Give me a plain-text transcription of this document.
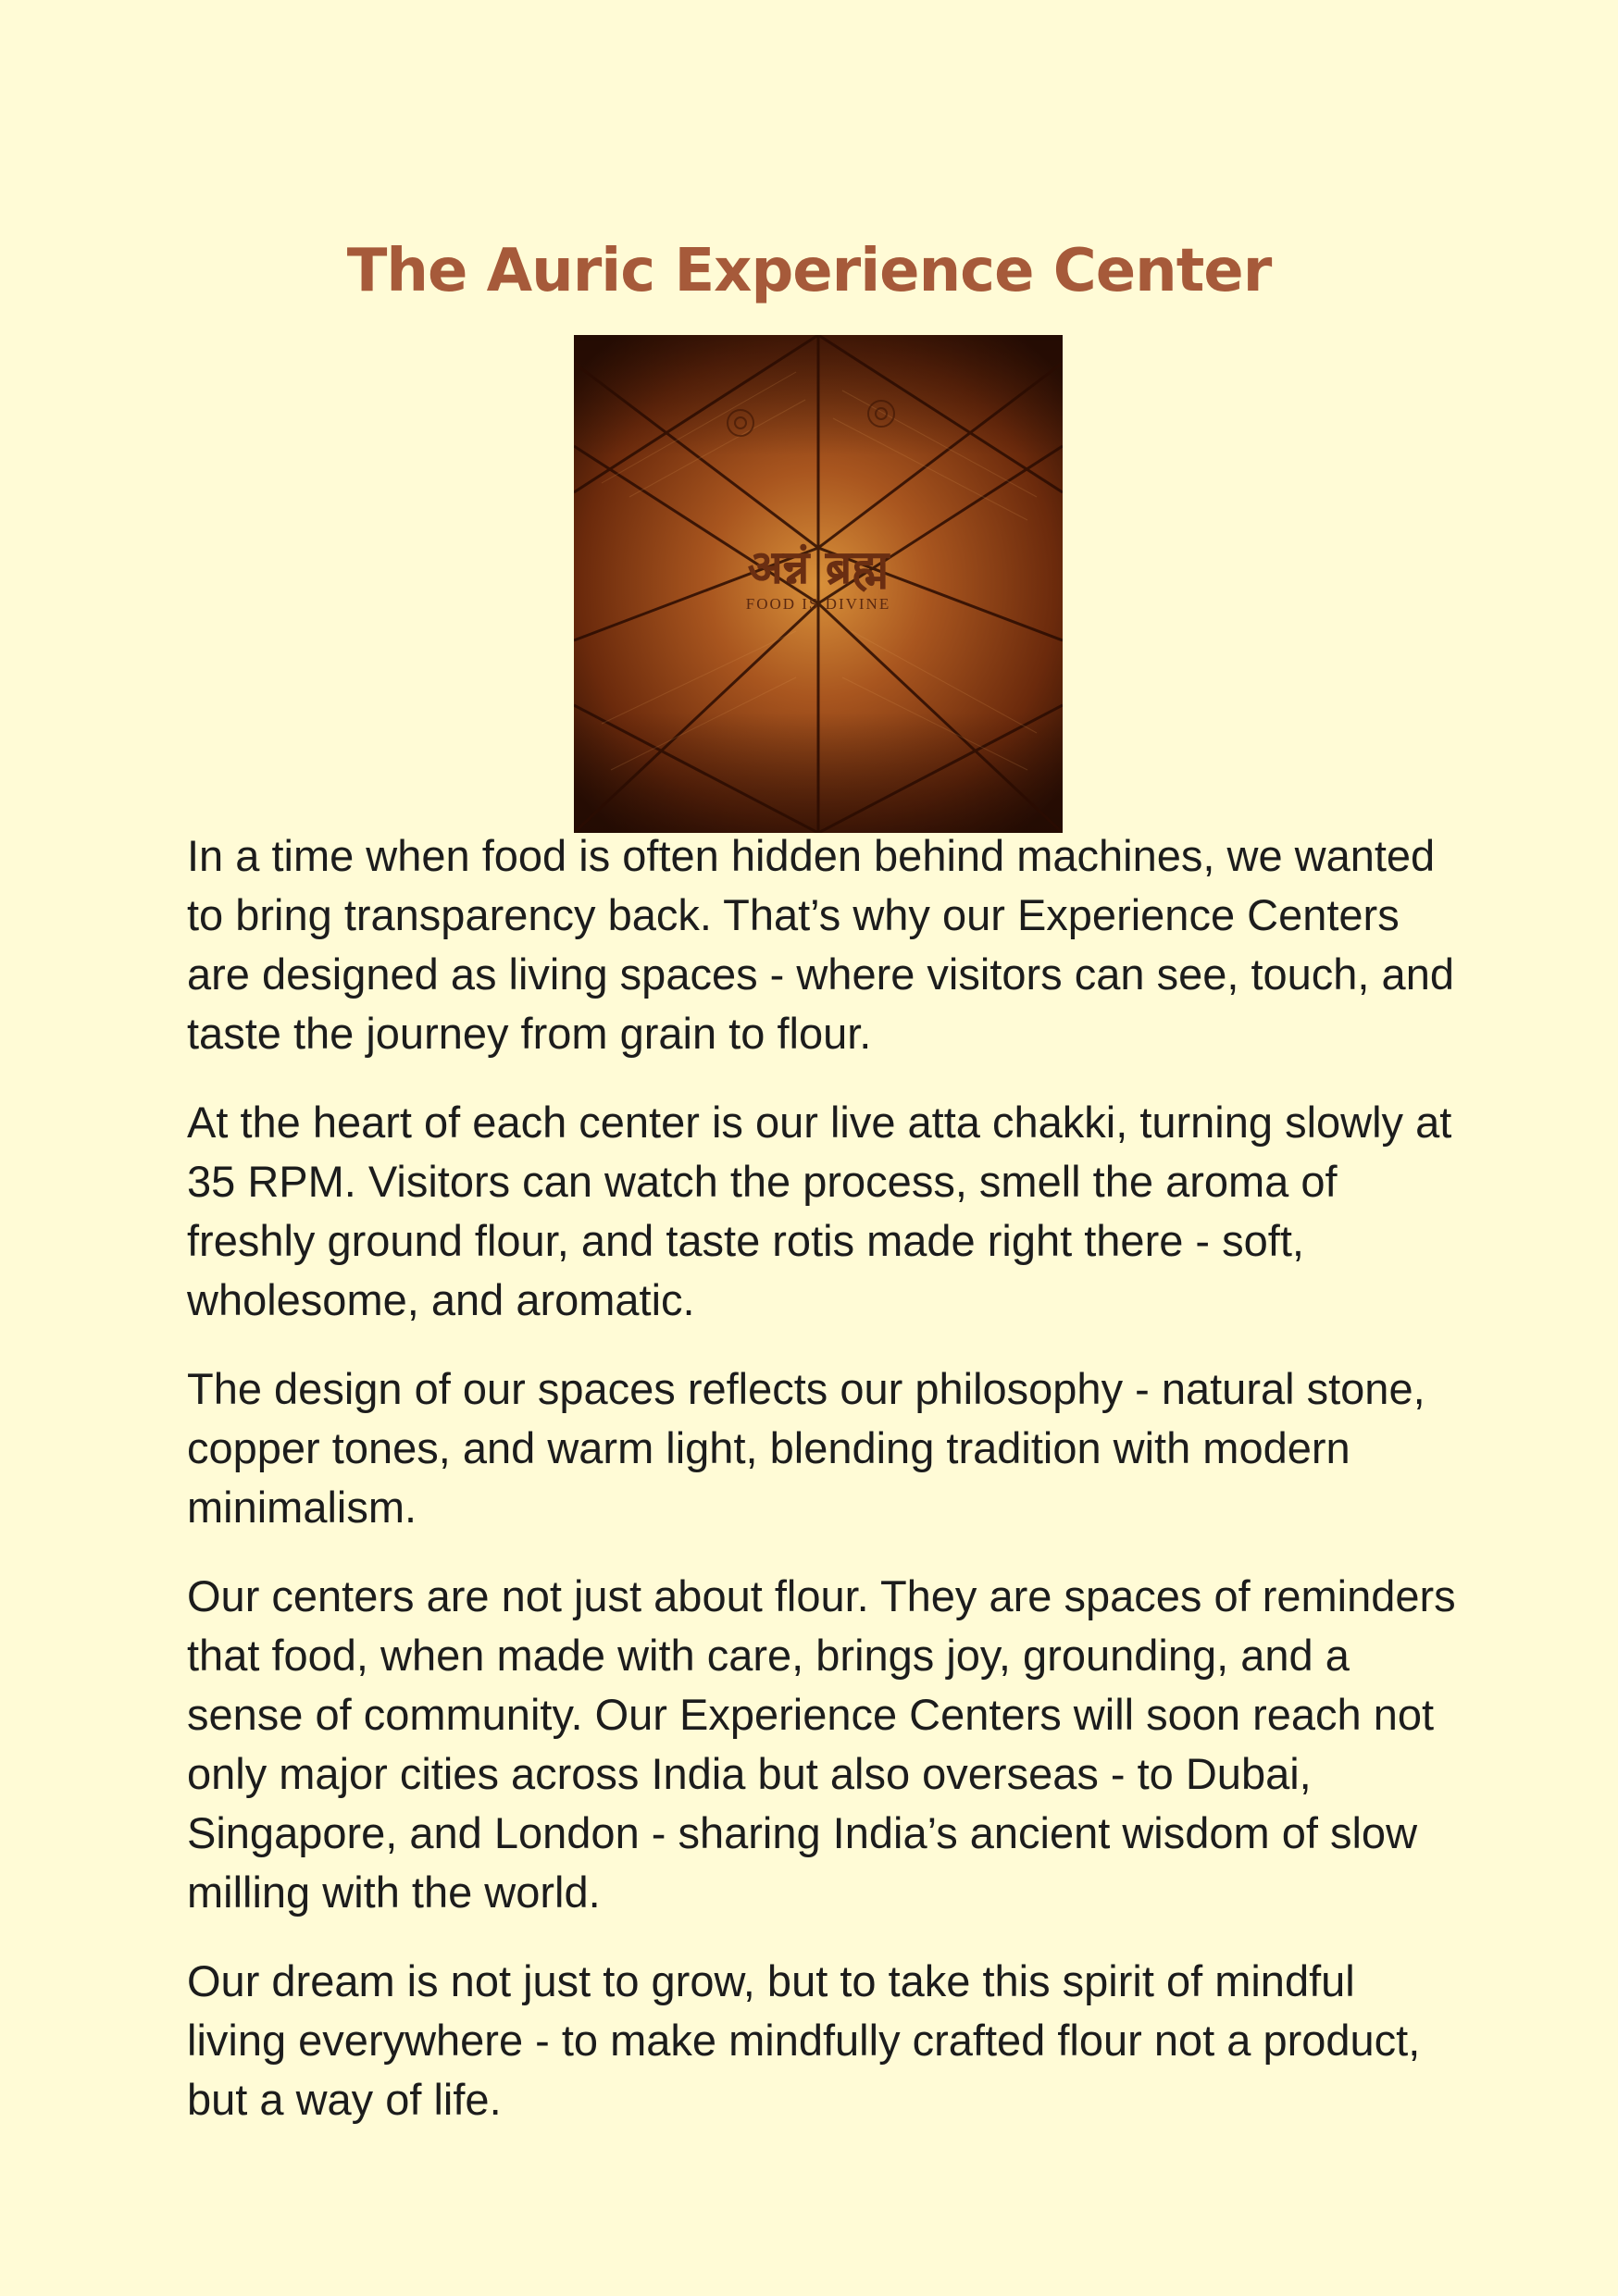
The Auric Experience Center
अन्नं ब्रह्म
FOOD IS DIVINE

In a time when food is often hidden behind machines, we wanted to bring transparency back. That’s why our Experience Centers are designed as living spaces - where visitors can see, touch, and taste the journey from grain to flour.

At the heart of each center is our live atta chakki, turning slowly at 35 RPM. Visitors can watch the process, smell the aroma of freshly ground flour, and taste rotis made right there - soft, wholesome, and aromatic.

The design of our spaces reflects our philosophy - natural stone, copper tones, and warm light, blending tradition with modern minimalism.

Our centers are not just about flour. They are spaces of reminders that food, when made with care, brings joy, grounding, and a sense of community. Our Experience Centers will soon reach not only major cities across India but also overseas - to Dubai, Singapore, and London - sharing India’s ancient wisdom of slow milling with the world.

Our dream is not just to grow, but to take this spirit of mindful living everywhere - to make mindfully crafted flour not a product, but a way of life.
